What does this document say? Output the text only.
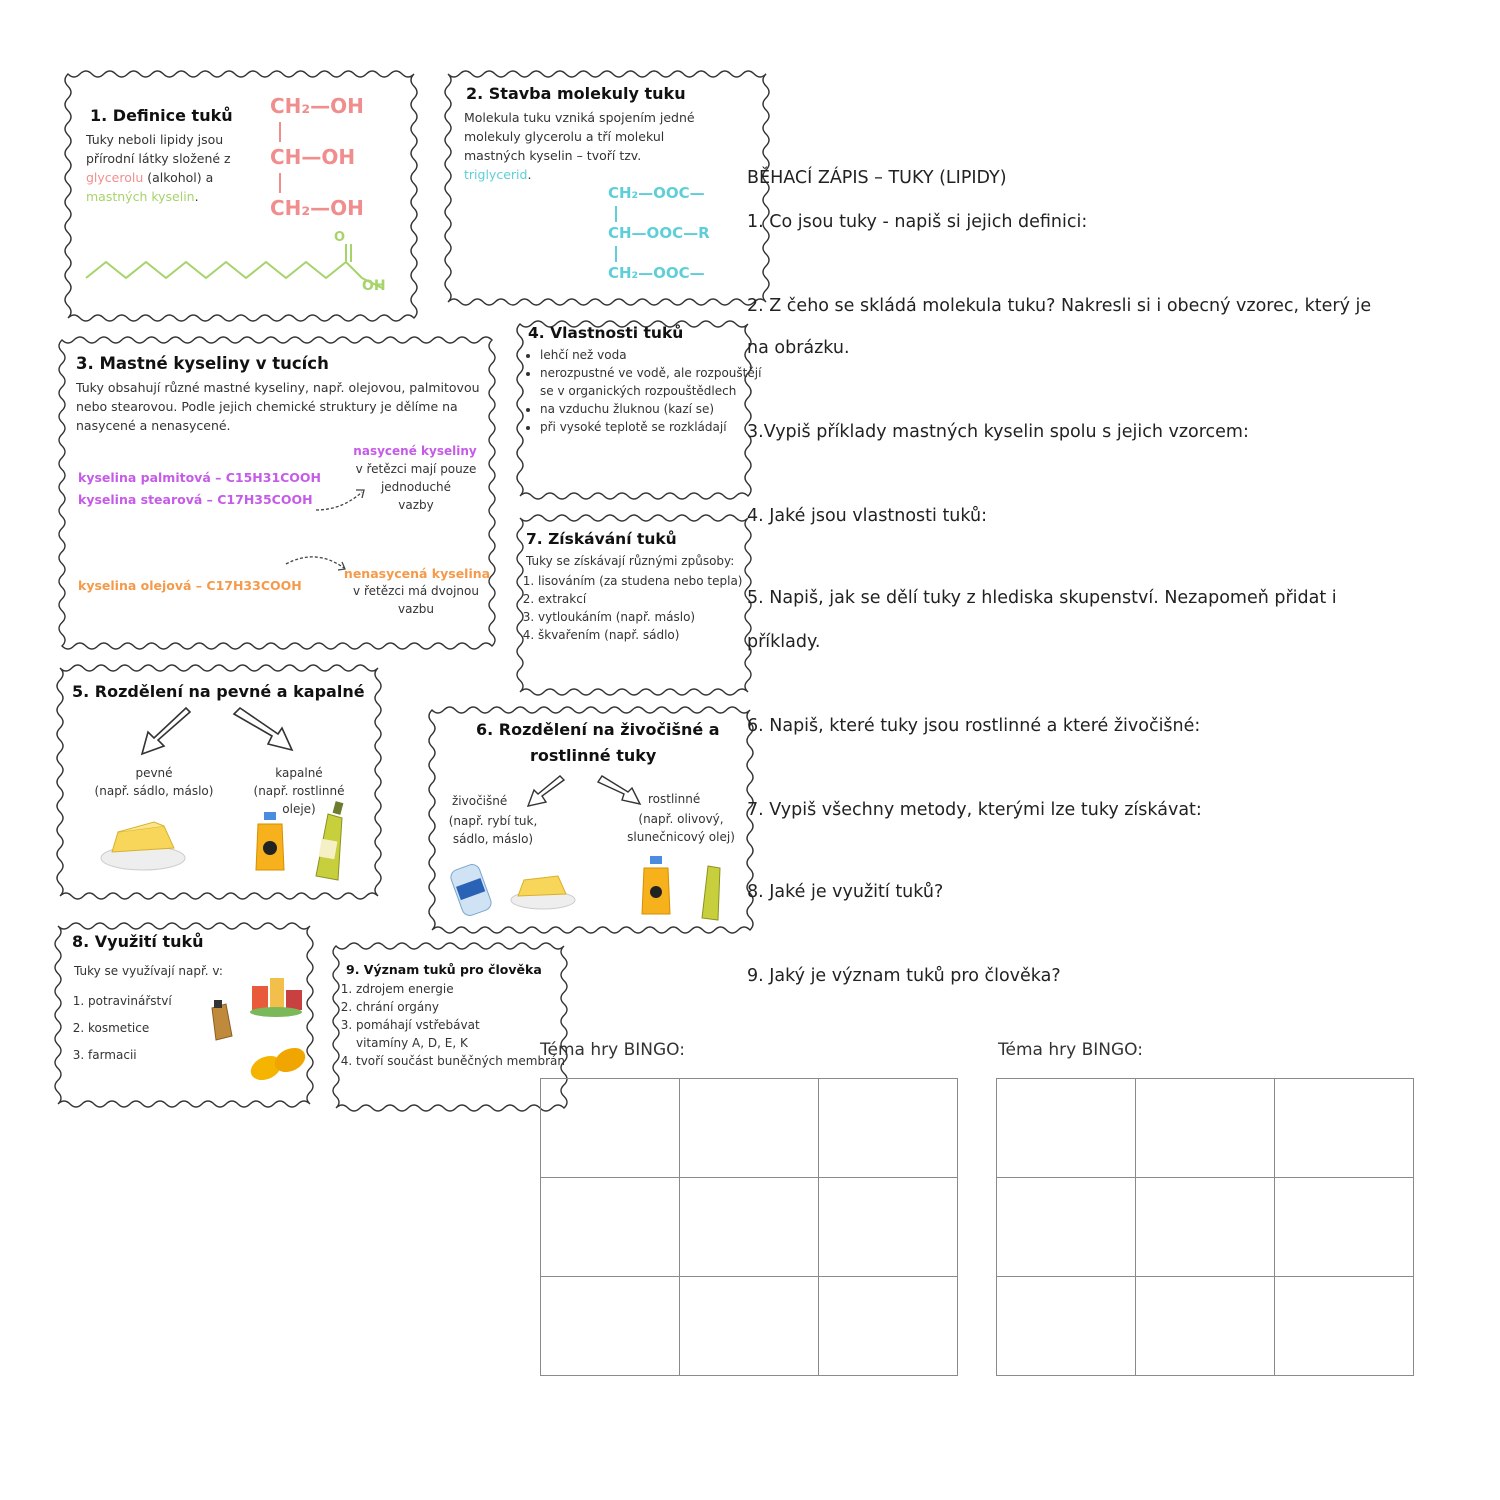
1. Definice tuků
Tuky neboli lipidy jsou přírodní látky složené z glycerolu (alkohol) a mastných kyselin.
CH₂—OH
CH—OH
CH₂—OH
O
OH
2. Stavba molekuly tuku
Molekula tuku vzniká spojením jedné molekuly glycerolu a tří molekul mastných kyselin – tvoří tzv. triglycerid.
CH₂—OOC—
CH—OOC—R
CH₂—OOC—
3. Mastné kyseliny v tucích
Tuky obsahují různé mastné kyseliny, např. olejovou, palmitovou nebo stearovou. Podle jejich chemické struktury je dělíme na nasycené a nenasycené.
nasycené kyseliny
v řetězci mají pouze
jednoduché
vazby
kyselina palmitová – C15H31COOH
kyselina stearová – C17H35COOH
nenasycená kyselina
v řetězci má dvojnou
vazbu
kyselina olejová – C17H33COOH
4. Vlastnosti tuků
• lehčí než voda
• nerozpustné ve vodě, ale rozpouštějí se v organických rozpouštědlech
• na vzduchu žluknou (kazí se)
• při vysoké teplotě se rozkládají
7. Získávání tuků
Tuky se získávají různými způsoby:
1. lisováním (za studena nebo tepla)
2. extrakcí
3. vytloukáním (např. máslo)
4. škvařením (např. sádlo)
5. Rozdělení na pevné a kapalné
pevné
(např. sádlo, máslo)
kapalné
(např. rostlinné oleje)
6. Rozdělení na živočišné a
rostlinné tuky
živočišné
(např. rybí tuk, sádlo, máslo)
rostlinné
(např. olivový, slunečnicový olej)
8. Využití tuků
Tuky se využívají např. v:
1. potravinářství
2. kosmetice
3. farmacii
9. Význam tuků pro člověka
1. zdrojem energie
2. chrání orgány
3. pomáhají vstřebávat vitamíny A, D, E, K
4. tvoří součást buněčných membrán
BĚHACÍ ZÁPIS – TUKY (LIPIDY)
1. Co jsou tuky - napiš si jejich definici:
2. Z čeho se skládá molekula tuku? Nakresli si i obecný vzorec, který je
na obrázku.
3.Vypiš příklady mastných kyselin spolu s jejich vzorcem:
4. Jaké jsou vlastnosti tuků:
5. Napiš, jak se dělí tuky z hlediska skupenství. Nezapomeň přidat i
příklady.
6. Napiš, které tuky jsou rostlinné a které živočišné:
7. Vypiš všechny metody, kterými lze tuky získávat:
8. Jaké je využití tuků?
9. Jaký je význam tuků pro člověka?
Téma hry BINGO:

			Téma hry BINGO:
